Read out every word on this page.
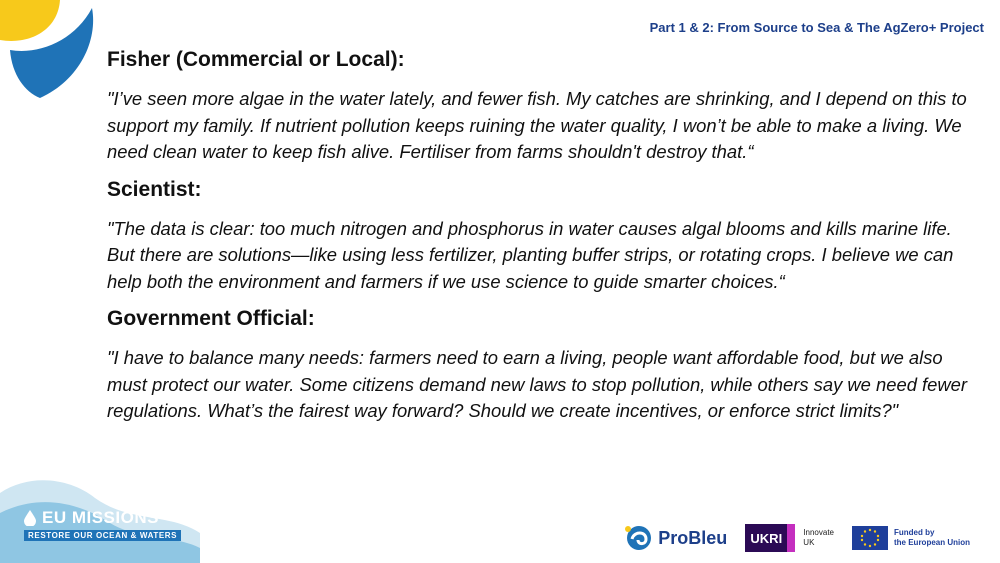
Part 1 & 2: From Source to Sea & The AgZero+ Project
Fisher (Commercial or Local):

"I’ve seen more algae in the water lately, and fewer fish. My catches are shrinking, and I depend on this to support my family. If nutrient pollution keeps ruining the water quality, I won’t be able to make a living. We need clean water to keep fish alive. Fertiliser from farms shouldn't destroy that.“

Scientist:

"The data is clear: too much nitrogen and phosphorus in water causes algal blooms and kills marine life. But there are solutions—like using less fertilizer, planting buffer strips, or rotating crops. I believe we can help both the environment and farmers if we use science to guide smarter choices.“

Government Official:

"I have to balance many needs: farmers need to earn a living, people want affordable food, but we also must protect our water. Some citizens demand new laws to stop pollution, while others say we need fewer regulations. What’s the fairest way forward? Should we create incentives, or enforce strict limits?"

EU MISSIONS
RESTORE OUR OCEAN & WATERS	ProBleu	UKRI	Innovate
UK
Funded by
the European Union
